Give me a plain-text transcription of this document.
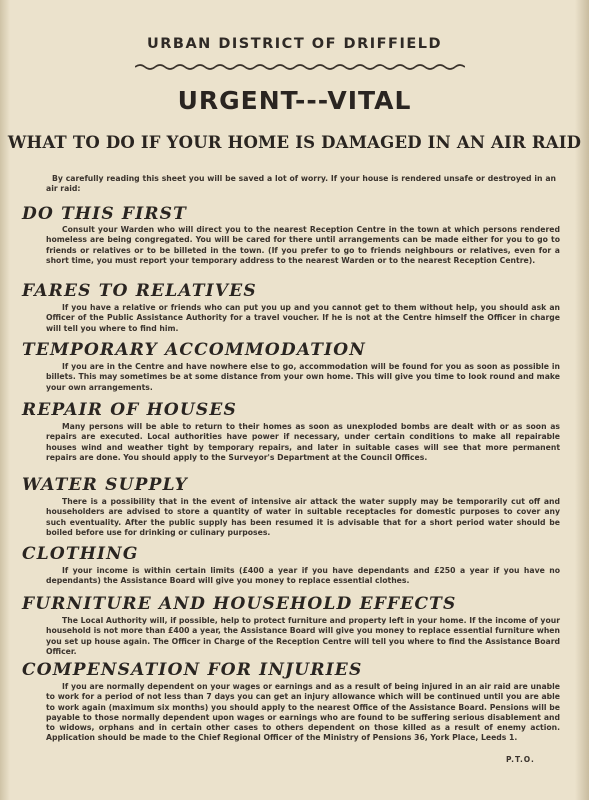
URBAN DISTRICT OF DRIFFIELD
URGENT---VITAL
WHAT TO DO IF YOUR HOME IS DAMAGED IN AN AIR RAID

By carefully reading this sheet you will be saved a lot of worry. If your house is rendered unsafe or destroyed in an air raid:

DO THIS FIRST

Consult your Warden who will direct you to the nearest Reception Centre in the town at which persons rendered homeless are being congregated. You will be cared for there until arrangements can be made either for you to go to friends or relatives or to be billeted in the town. (If you prefer to go to friends neighbours or relatives, even for a short time, you must report your temporary address to the nearest Warden or to the nearest Reception Centre).

FARES TO RELATIVES

If you have a relative or friends who can put you up and you cannot get to them without help, you should ask an Officer of the Public Assistance Authority for a travel voucher. If he is not at the Centre himself the Officer in charge will tell you where to find him.

TEMPORARY ACCOMMODATION

If you are in the Centre and have nowhere else to go, accommodation will be found for you as soon as possible in billets. This may sometimes be at some distance from your own home. This will give you time to look round and make your own arrangements.

REPAIR OF HOUSES

Many persons will be able to return to their homes as soon as unexploded bombs are dealt with or as soon as repairs are executed. Local authorities have power if necessary, under certain conditions to make all repairable houses wind and weather tight by temporary repairs, and later in suitable cases will see that more permanent repairs are done. You should apply to the Surveyor's Department at the Council Offices.

WATER SUPPLY

There is a possibility that in the event of intensive air attack the water supply may be temporarily cut off and householders are advised to store a quantity of water in suitable receptacles for domestic purposes to cover any such eventuality. After the public supply has been resumed it is advisable that for a short period water should be boiled before use for drinking or culinary purposes.

CLOTHING

If your income is within certain limits (£400 a year if you have dependants and £250 a year if you have no dependants) the Assistance Board will give you money to replace essential clothes.

FURNITURE AND HOUSEHOLD EFFECTS

The Local Authority will, if possible, help to protect furniture and property left in your home. If the income of your household is not more than £400 a year, the Assistance Board will give you money to replace essential furniture when you set up house again. The Officer in Charge of the Reception Centre will tell you where to find the Assistance Board Officer.

COMPENSATION FOR INJURIES

If you are normally dependent on your wages or earnings and as a result of being injured in an air raid are unable to work for a period of not less than 7 days you can get an injury allowance which will be continued until you are able to work again (maximum six months) you should apply to the nearest Office of the Assistance Board. Pensions will be payable to those normally dependent upon wages or earnings who are found to be suffering serious disablement and to widows, orphans and in certain other cases to others dependent on those killed as a result of enemy action. Application should be made to the Chief Regional Officer of the Ministry of Pensions 36, York Place, Leeds 1.

P.T.O.
